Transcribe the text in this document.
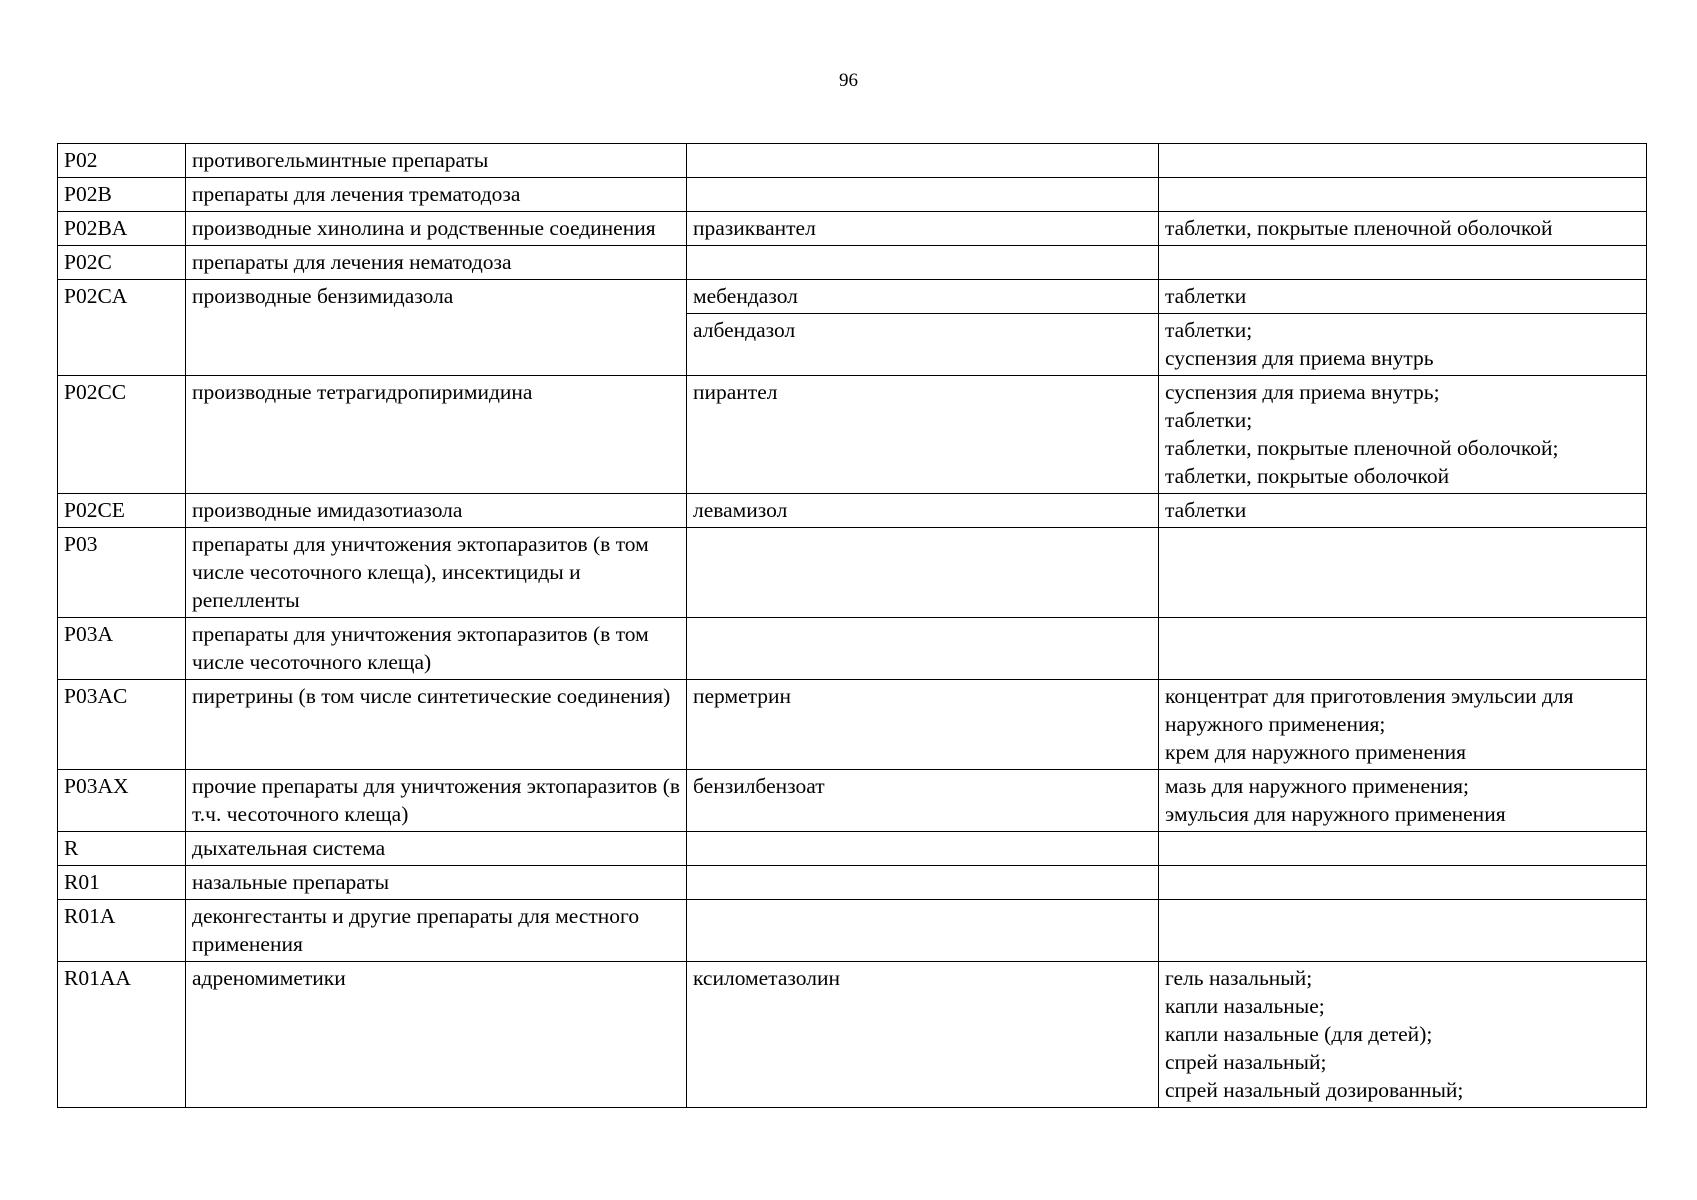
96
P02	противогельминтные препараты		
P02B	препараты для лечения трематодоза		
P02BA	производные хинолина и родственные соединения	празиквантел	таблетки, покрытые пленочной оболочкой
P02C	препараты для лечения нематодоза		
P02CA	производные бензимидазола	мебендазол	таблетки
		албендазол	таблетки;
суспензия для приема внутрь
P02CC	производные тетрагидропиримидина	пирантел	суспензия для приема внутрь;
таблетки;
таблетки, покрытые пленочной оболочкой;
таблетки, покрытые оболочкой
P02CE	производные имидазотиазола	левамизол	таблетки
P03	препараты для уничтожения эктопаразитов (в том числе чесоточного клеща), инсектициды и репелленты		
P03A	препараты для уничтожения эктопаразитов (в том числе чесоточного клеща)		
P03AC	пиретрины (в том числе синтетические соединения)	перметрин	концентрат для приготовления эмульсии для наружного применения;
крем для наружного применения
P03AX	прочие препараты для уничтожения эктопаразитов (в т.ч. чесоточного клеща)	бензилбензоат	мазь для наружного применения;
эмульсия для наружного применения
R	дыхательная система		
R01	назальные препараты		
R01A	деконгестанты и другие препараты для местного применения		
R01AA	адреномиметики	ксилометазолин	гель назальный;
капли назальные;
капли назальные (для детей);
спрей назальный;
спрей назальный дозированный;
